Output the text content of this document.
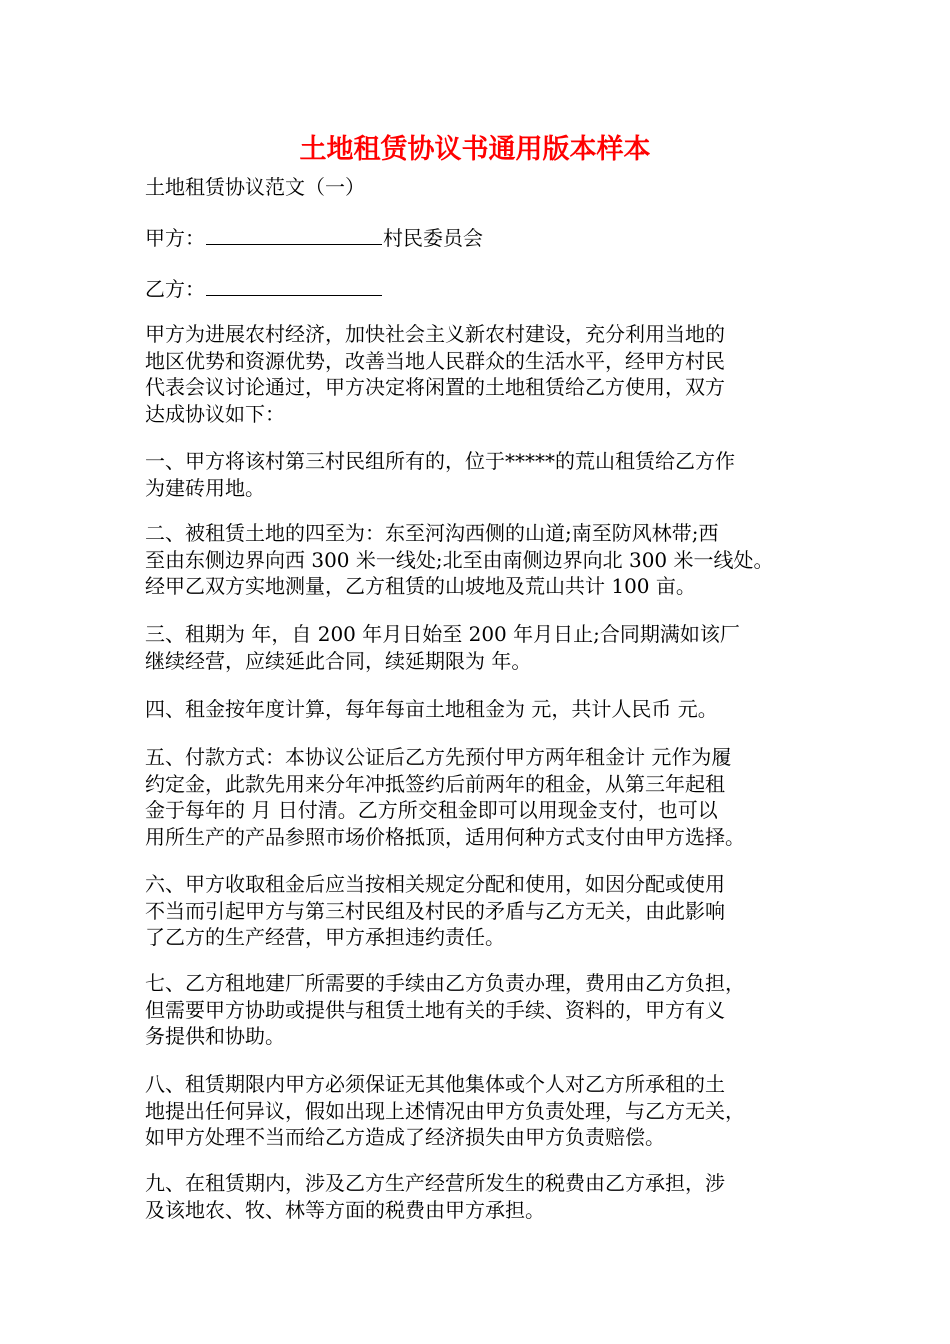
土地租赁协议书通用版本样本
土地租赁协议范文（一）
甲方：	村民委员会
乙方：
甲方为进展农村经济，加快社会主义新农村建设，充分利用当地的
地区优势和资源优势，改善当地人民群众的生活水平，经甲方村民
代表会议讨论通过，甲方决定将闲置的土地租赁给乙方使用，双方
达成协议如下：
一、甲方将该村第三村民组所有的，位于*****的荒山租赁给乙方作
为建砖用地。
二、被租赁土地的四至为：东至河沟西侧的山道;南至防风林带;西
至由东侧边界向西 300 米一线处;北至由南侧边界向北 300 米一线处。
经甲乙双方实地测量，乙方租赁的山坡地及荒山共计 100 亩。
三、租期为 年，自 200 年月日始至 200 年月日止;合同期满如该厂
继续经营，应续延此合同，续延期限为 年。
四、租金按年度计算，每年每亩土地租金为 元，共计人民币 元。
五、付款方式：本协议公证后乙方先预付甲方两年租金计 元作为履
约定金，此款先用来分年冲抵签约后前两年的租金，从第三年起租
金于每年的 月 日付清。乙方所交租金即可以用现金支付，也可以
用所生产的产品参照市场价格抵顶，适用何种方式支付由甲方选择。
六、甲方收取租金后应当按相关规定分配和使用，如因分配或使用
不当而引起甲方与第三村民组及村民的矛盾与乙方无关，由此影响
了乙方的生产经营，甲方承担违约责任。
七、乙方租地建厂所需要的手续由乙方负责办理，费用由乙方负担，
但需要甲方协助或提供与租赁土地有关的手续、资料的，甲方有义
务提供和协助。
八、租赁期限内甲方必须保证无其他集体或个人对乙方所承租的土
地提出任何异议，假如出现上述情况由甲方负责处理，与乙方无关，
如甲方处理不当而给乙方造成了经济损失由甲方负责赔偿。
九、在租赁期内，涉及乙方生产经营所发生的税费由乙方承担，涉
及该地农、牧、林等方面的税费由甲方承担。
